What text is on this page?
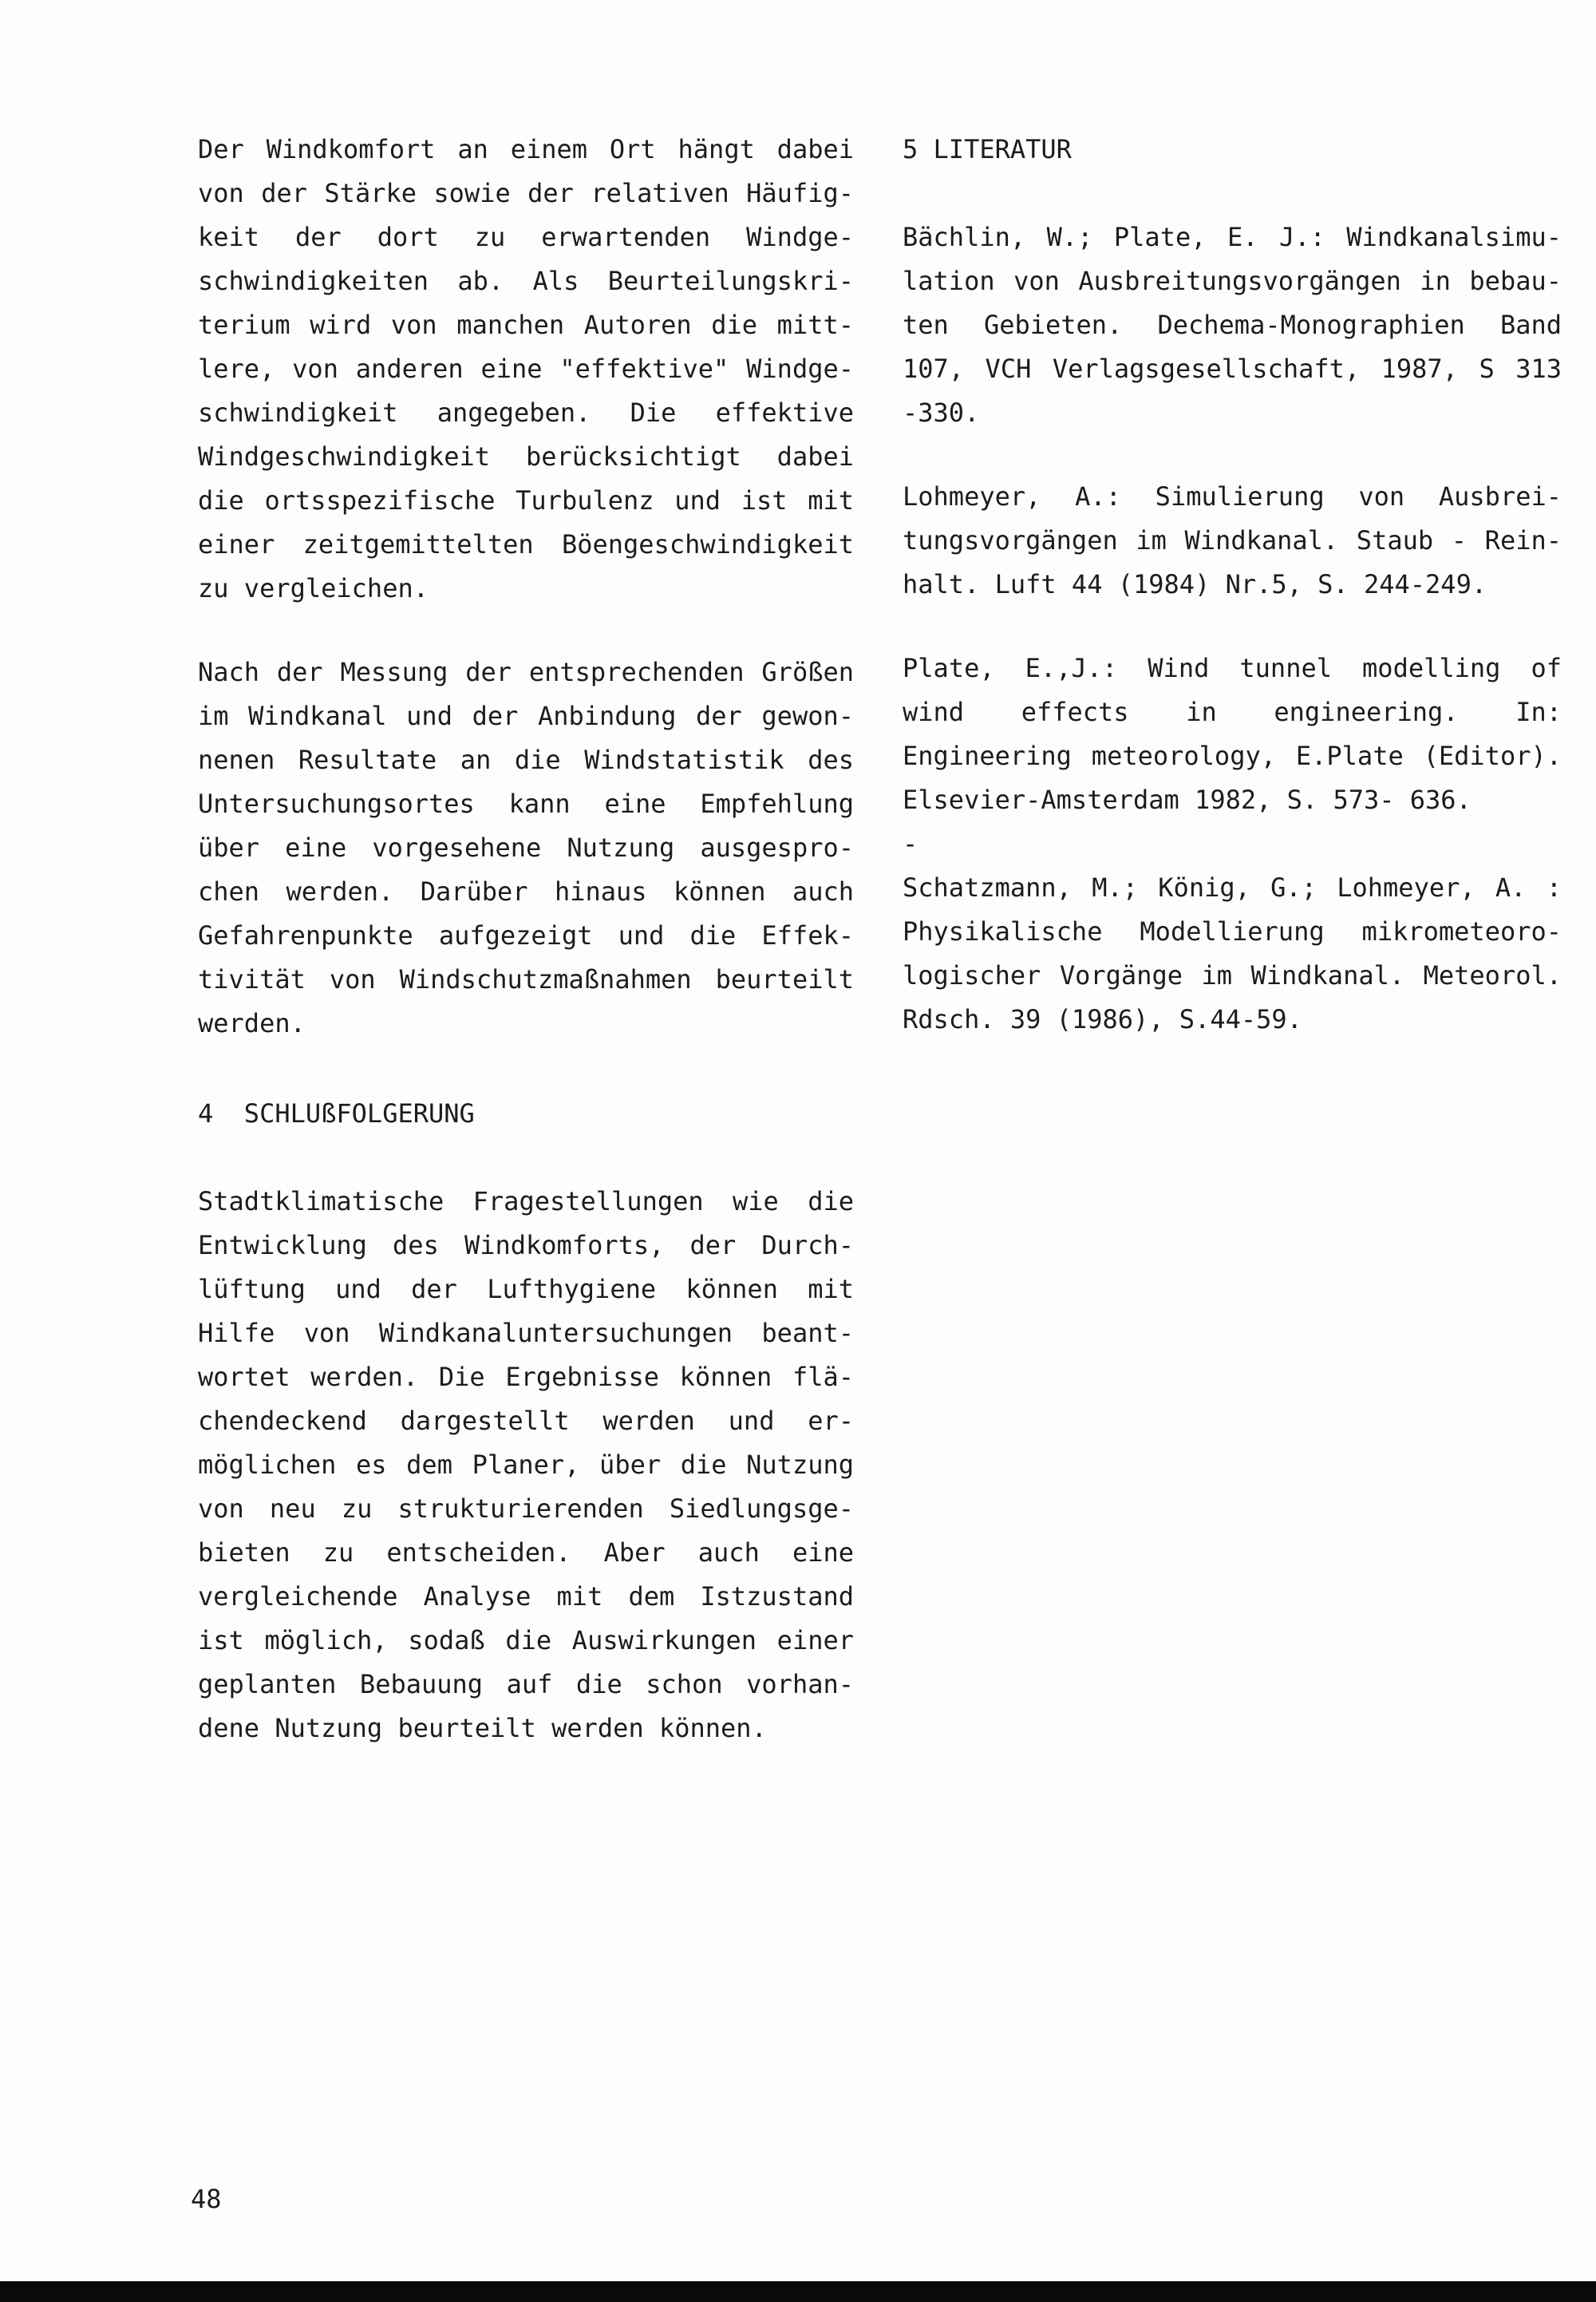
Der Windkomfort an einem Ort hängt dabei
von der Stärke sowie der relativen Häufig-
keit der dort zu erwartenden Windge-
schwindigkeiten ab. Als Beurteilungskri-
terium wird von manchen Autoren die mitt-
lere, von anderen eine "effektive" Windge-
schwindigkeit angegeben. Die effektive
Windgeschwindigkeit berücksichtigt dabei
die ortsspezifische Turbulenz und ist mit
einer zeitgemittelten Böengeschwindigkeit
zu vergleichen.
Nach der Messung der entsprechenden Größen
im Windkanal und der Anbindung der gewon-
nenen Resultate an die Windstatistik des
Untersuchungsortes kann eine Empfehlung
über eine vorgesehene Nutzung ausgespro-
chen werden. Darüber hinaus können auch
Gefahrenpunkte aufgezeigt und die Effek-
tivität von Windschutzmaßnahmen beurteilt
werden.
4  SCHLUßFOLGERUNG
Stadtklimatische Fragestellungen wie die
Entwicklung des Windkomforts, der Durch-
lüftung und der Lufthygiene können mit
Hilfe von Windkanaluntersuchungen beant-
wortet werden. Die Ergebnisse können flä-
chendeckend dargestellt werden und er-
möglichen es dem Planer, über die Nutzung
von neu zu strukturierenden Siedlungsge-
bieten zu entscheiden. Aber auch eine
vergleichende Analyse mit dem Istzustand
ist möglich, sodaß die Auswirkungen einer
geplanten Bebauung auf die schon vorhan-
dene Nutzung beurteilt werden können.
5 LITERATUR
Bächlin, W.; Plate, E. J.: Windkanalsimu-
lation von Ausbreitungsvorgängen in bebau-
ten Gebieten. Dechema-Monographien Band
107, VCH Verlagsgesellschaft, 1987, S 313
-330.
Lohmeyer, A.: Simulierung von Ausbrei-
tungsvorgängen im Windkanal. Staub - Rein-
halt. Luft 44 (1984) Nr.5, S. 244-249.
Plate, E.,J.: Wind tunnel modelling of
wind effects in engineering. In:
Engineering meteorology, E.Plate (Editor).
Elsevier-Amsterdam 1982, S. 573- 636.
-
Schatzmann, M.; König, G.; Lohmeyer, A. :
Physikalische Modellierung mikrometeoro-
logischer Vorgänge im Windkanal. Meteorol.
Rdsch. 39 (1986), S.44-59.
48
